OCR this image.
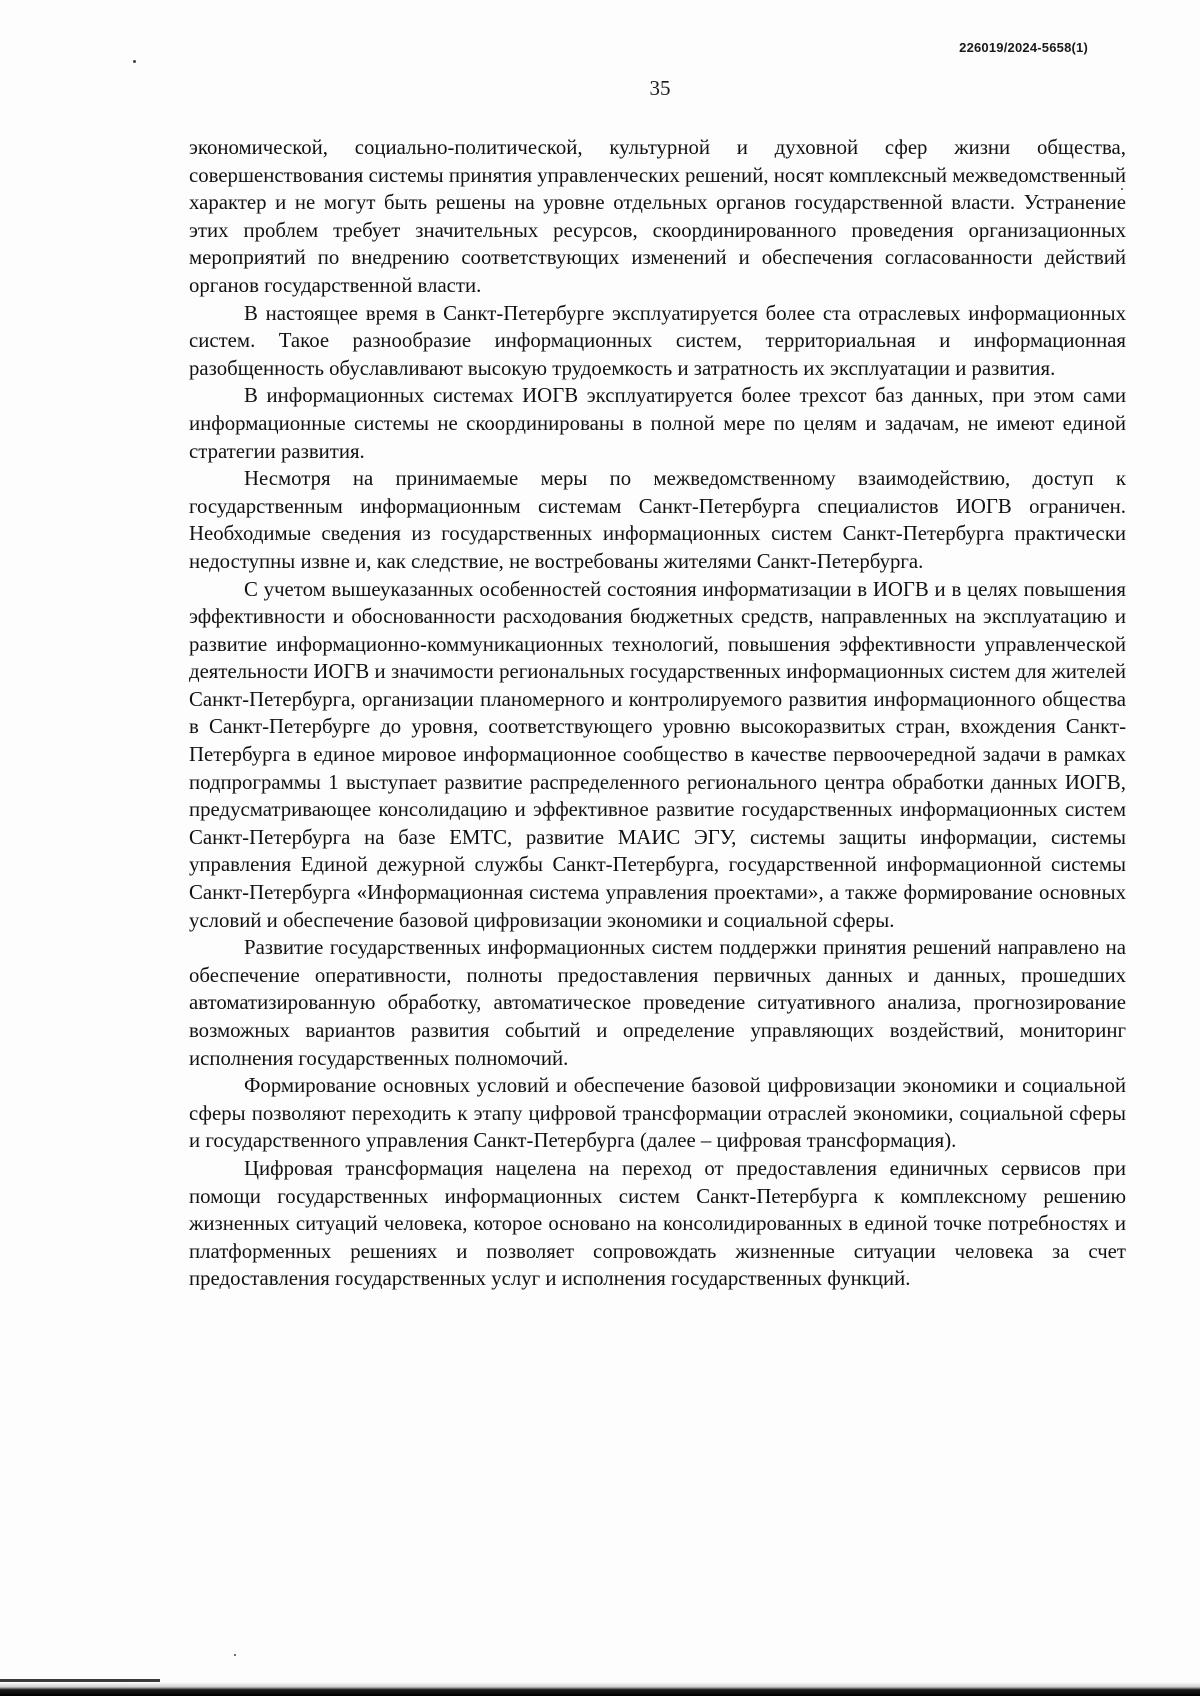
226019/2024-5658(1)
35

экономической, социально-политической, культурной и духовной сфер жизни общества, совершенствования системы принятия управленческих решений, носят комплексный межведомственный характер и не могут быть решены на уровне отдельных органов государственной власти. Устранение этих проблем требует значительных ресурсов, скоординированного проведения организационных мероприятий по внедрению соответствующих изменений и обеспечения согласованности действий органов государственной власти.

В настоящее время в Санкт-Петербурге эксплуатируется более ста отраслевых информационных систем. Такое разнообразие информационных систем, территориальная и информационная разобщенность обуславливают высокую трудоемкость и затратность их эксплуатации и развития.

В информационных системах ИОГВ эксплуатируется более трехсот баз данных, при этом сами информационные системы не скоординированы в полной мере по целям и задачам, не имеют единой стратегии развития.

Несмотря на принимаемые меры по межведомственному взаимодействию, доступ к государственным информационным системам Санкт-Петербурга специалистов ИОГВ ограничен. Необходимые сведения из государственных информационных систем Санкт-Петербурга практически недоступны извне и, как следствие, не востребованы жителями Санкт-Петербурга.

С учетом вышеуказанных особенностей состояния информатизации в ИОГВ и в целях повышения эффективности и обоснованности расходования бюджетных средств, направленных на эксплуатацию и развитие информационно-коммуникационных технологий, повышения эффективности управленческой деятельности ИОГВ и значимости региональных государственных информационных систем для жителей Санкт-Петербурга, организации планомерного и контролируемого развития информационного общества в Санкт-Петербурге до уровня, соответствующего уровню высокоразвитых стран, вхождения Санкт-Петербурга в единое мировое информационное сообщество в качестве первоочередной задачи в рамках подпрограммы 1 выступает развитие распределенного регионального центра обработки данных ИОГВ, предусматривающее консолидацию и эффективное развитие государственных информационных систем Санкт-Петербурга на базе ЕМТС, развитие МАИС ЭГУ, системы защиты информации, системы управления Единой дежурной службы Санкт-Петербурга, государственной информационной системы Санкт-Петербурга «Информационная система управления проектами», а также формирование основных условий и обеспечение базовой цифровизации экономики и социальной сферы.

Развитие государственных информационных систем поддержки принятия решений направлено на обеспечение оперативности, полноты предоставления первичных данных и данных, прошедших автоматизированную обработку, автоматическое проведение ситуативного анализа, прогнозирование возможных вариантов развития событий и определение управляющих воздействий, мониторинг исполнения государственных полномочий.

Формирование основных условий и обеспечение базовой цифровизации экономики и социальной сферы позволяют переходить к этапу цифровой трансформации отраслей экономики, социальной сферы и государственного управления Санкт-Петербурга (далее – цифровая трансформация).

Цифровая трансформация нацелена на переход от предоставления единичных сервисов при помощи государственных информационных систем Санкт-Петербурга к комплексному решению жизненных ситуаций человека, которое основано на консолидированных в единой точке потребностях и платформенных решениях и позволяет сопровождать жизненные ситуации человека за счет предоставления государственных услуг и исполнения государственных функций.
